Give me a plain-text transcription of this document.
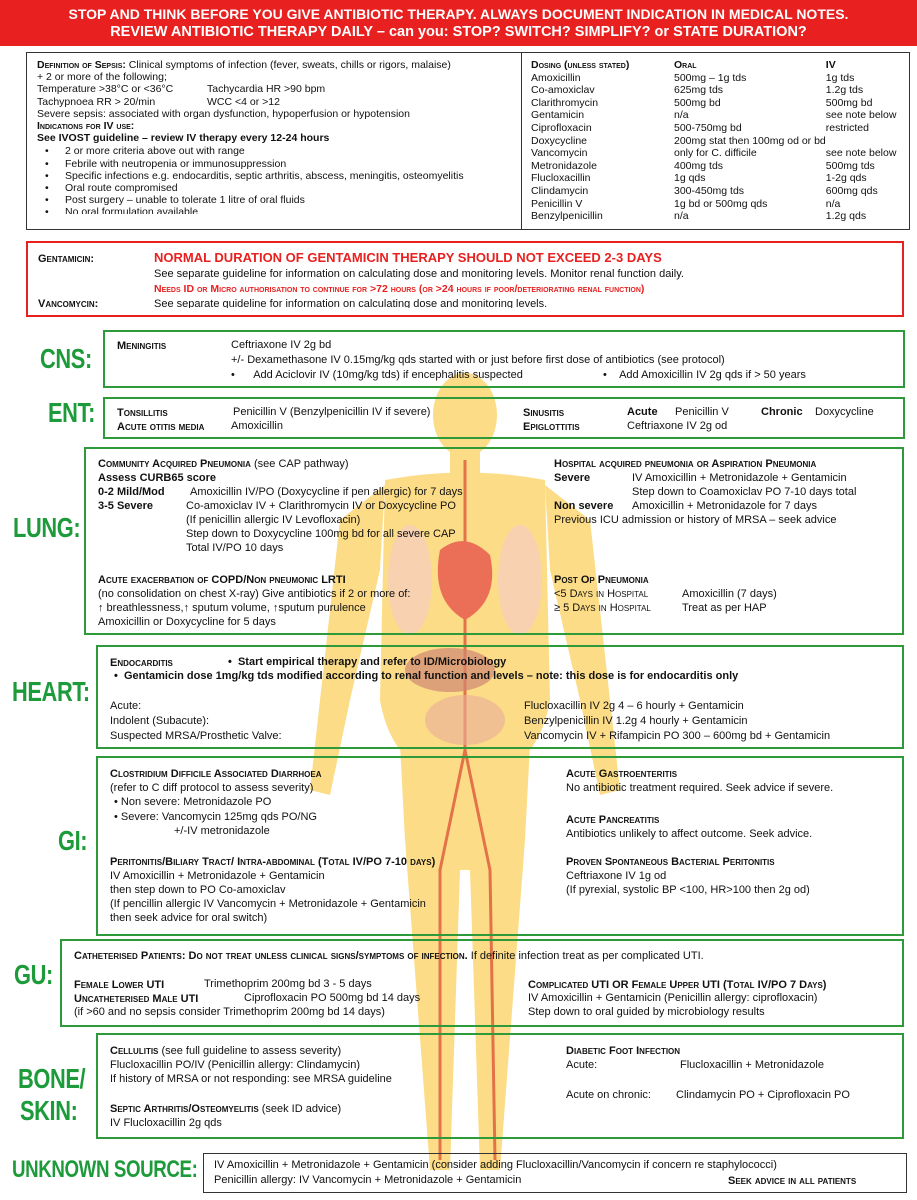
STOP AND THINK BEFORE YOU GIVE ANTIBIOTIC THERAPY. ALWAYS DOCUMENT INDICATION IN MEDICAL NOTES.
REVIEW ANTIBIOTIC THERAPY DAILY – can you: STOP? SWITCH? SIMPLIFY? or STATE DURATION?
Definition of Sepsis: Clinical symptoms of infection (fever, sweats, chills or rigors, malaise)
+ 2 or more of the following;
Temperature >38°C or <36°C	Tachycardia HR >90 bpm
Tachypnoea RR > 20/min	WCC <4 or >12
Severe sepsis: associated with organ dysfunction, hypoperfusion or hypotension
Indications for IV use:
See IVOST guideline – review IV therapy every 12-24 hours
• 2 or more criteria above out with range
• Febrile with neutropenia or immunosuppression
• Specific infections e.g. endocarditis, septic arthritis, abscess, meningitis, osteomyelitis
• Oral route compromised
• Post surgery – unable to tolerate 1 litre of oral fluids
• No oral formulation available
Dosing (unless stated)	Oral	IV
Amoxicillin	500mg – 1g tds	1g tds
Co-amoxiclav	625mg tds	1.2g tds
Clarithromycin	500mg bd	500mg bd
Gentamicin	n/a	see note below
Ciprofloxacin	500-750mg bd	restricted
Doxycycline	200mg stat then 100mg od or bd	
Vancomycin	only for C. difficile	see note below
Metronidazole	400mg tds	500mg tds
Flucloxacillin	1g qds	1-2g qds
Clindamycin	300-450mg tds	600mg qds
Penicillin V	1g bd or 500mg qds	n/a
Benzylpenicillin	n/a	1.2g qds
Gentamicin:	NORMAL DURATION OF GENTAMICIN THERAPY SHOULD NOT EXCEED 2-3 DAYS
See separate guideline for information on calculating dose and monitoring levels. Monitor renal function daily.
Needs ID or Micro authorisation to continue for >72 hours (or >24 hours if poor/deteriorating renal function)
Vancomycin:	See separate guideline for information on calculating dose and monitoring levels.
CNS: Meningitis	Ceftriaxone IV 2g bd
+/- Dexamethasone IV 0.15mg/kg qds started with or just before first dose of antibiotics (see protocol)
•      Add Aciclovir IV (10mg/kg tds) if encephalitis suspected	•    Add Amoxicillin IV 2g qds if > 50 years
ENT: Tonsillitis	Penicillin V (Benzylpenicillin IV if severe)
Acute otitis media Amoxicillin
Sinusitis	Acute Penicillin V	Chronic Doxycycline
Epiglottitis	Ceftriaxone IV 2g od
LUNG:
Community Acquired Pneumonia (see CAP pathway)
Assess CURB65 score
0-2 Mild/Mod Amoxicillin IV/PO (Doxycycline if pen allergic) for 7 days
3-5 Severe	Co-amoxiclav IV + Clarithromycin IV or Doxycycline PO
(If penicillin allergic IV Levofloxacin)
Step down to Doxycycline 100mg bd for all severe CAP
Total IV/PO 10 days
Hospital acquired pneumonia or Aspiration Pneumonia
Severe	IV Amoxicillin + Metronidazole + Gentamicin
Step down to Coamoxiclav PO 7-10 days total
Non severe Amoxicillin + Metronidazole for 7 days
Previous ICU admission or history of MRSA – seek advice
Acute exacerbation of COPD/Non pneumonic LRTI
(no consolidation on chest X-ray) Give antibiotics if 2 or more of:
↑ breathlessness,↑ sputum volume, ↑sputum purulence
Amoxicillin or Doxycycline for 5 days
Post Op Pneumonia
<5 Days in Hospital	Amoxicillin (7 days)
≥ 5 Days in Hospital	Treat as per HAP
HEART:
Endocarditis	•  Start empirical therapy and refer to ID/Microbiology
•  Gentamicin dose 1mg/kg tds modified according to renal function and levels – note: this dose is for endocarditis only
Acute:	Flucloxacillin IV 2g 4 – 6 hourly + Gentamicin
Indolent (Subacute):	Benzylpenicillin IV 1.2g 4 hourly + Gentamicin
Suspected MRSA/Prosthetic Valve:	Vancomycin IV + Rifampicin PO 300 – 600mg bd + Gentamicin
GI:
Clostridium Difficile Associated Diarrhoea
(refer to C diff protocol to assess severity)
• Non severe: Metronidazole PO
• Severe: Vancomycin 125mg qds PO/NG
+/-IV metronidazole
Acute Gastroenteritis
No antibiotic treatment required. Seek advice if severe.
Acute Pancreatitis
Antibiotics unlikely to affect outcome. Seek advice.
Peritonitis/Biliary Tract/ Intra-abdominal (Total IV/PO 7-10 days)
IV Amoxicillin + Metronidazole + Gentamicin
then step down to PO Co-amoxiclav
(If pencillin allergic IV Vancomycin + Metronidazole + Gentamicin
then seek advice for oral switch)
Proven Spontaneous Bacterial Peritonitis
Ceftriaxone IV 1g od
(If pyrexial, systolic BP <100, HR>100 then 2g od)
GU:
Catheterised Patients: Do not treat unless clinical signs/symptoms of infection. If definite infection treat as per complicated UTI.
Female Lower UTI	Trimethoprim 200mg bd 3 - 5 days
Uncatheterised Male UTI	Ciprofloxacin PO 500mg bd 14 days
(if >60 and no sepsis consider Trimethoprim 200mg bd 14 days)
Complicated UTI OR Female Upper UTI (Total IV/PO 7 Days)
IV Amoxicillin + Gentamicin (Penicillin allergy: ciprofloxacin)
Step down to oral guided by microbiology results
BONE/
SKIN:
Cellulitis (see full guideline to assess severity)
Flucloxacillin PO/IV (Penicillin allergy: Clindamycin)
If history of MRSA or not responding: see MRSA guideline
Septic Arthritis/Osteomyelitis (seek ID advice)
IV Flucloxacillin 2g qds
Diabetic Foot Infection
Acute:	Flucloxacillin + Metronidazole
Acute on chronic: Clindamycin PO + Ciprofloxacin PO
UNKNOWN SOURCE: IV Amoxicillin + Metronidazole + Gentamicin (consider adding Flucloxacillin/Vancomycin if concern re staphylococci)
Penicillin allergy: IV Vancomycin + Metronidazole + Gentamicin	Seek advice in all patients
